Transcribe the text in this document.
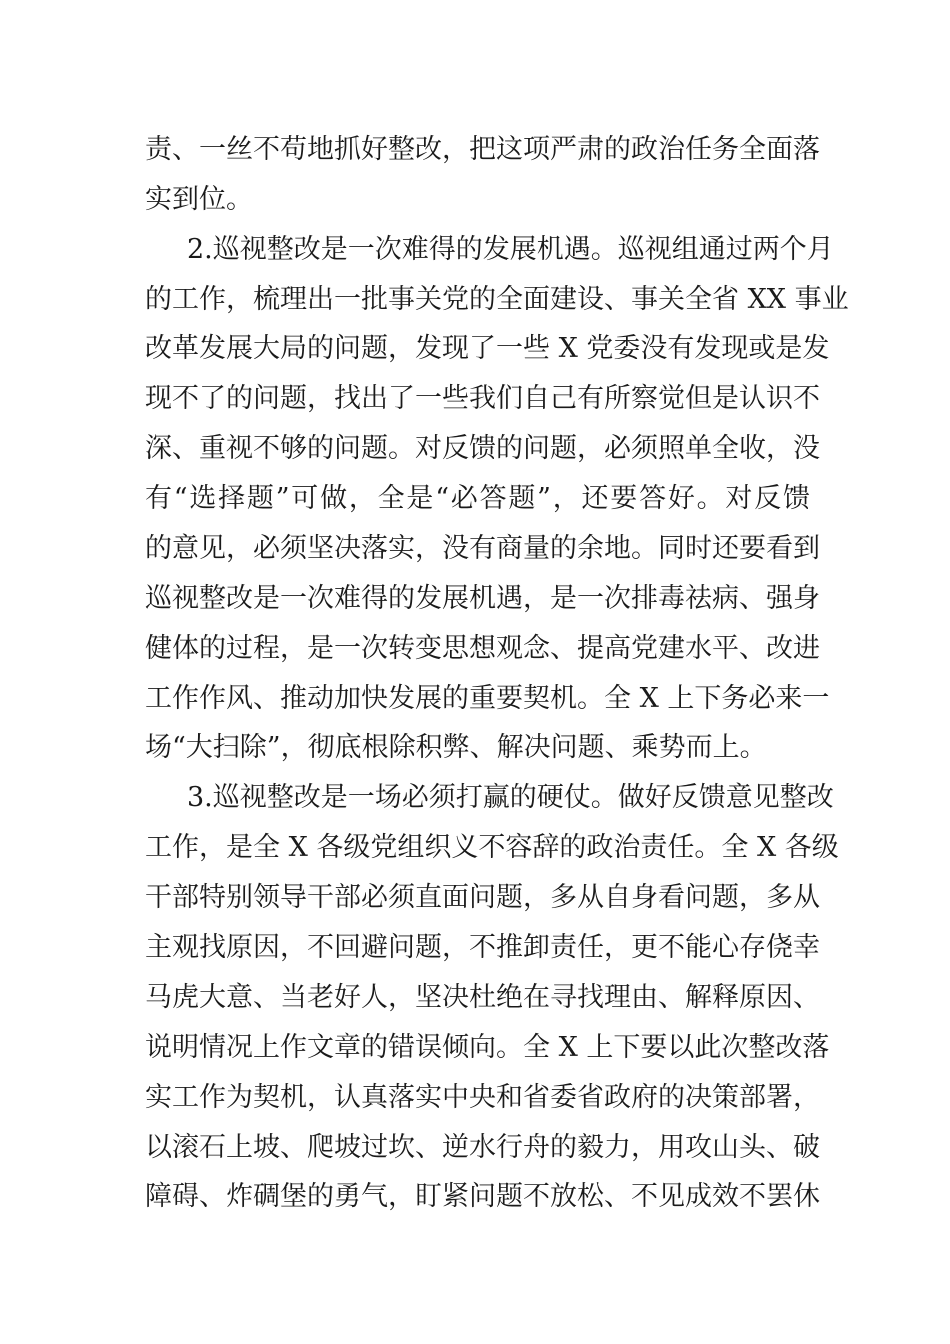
责、一丝不苟地抓好整改，把这项严肃的政治任务全面落
实到位。
2.巡视整改是一次难得的发展机遇。巡视组通过两个月
的工作，梳理出一批事关党的全面建设、事关全省 XX 事业
改革发展大局的问题，发现了一些 X 党委没有发现或是发
现不了的问题，找出了一些我们自己有所察觉但是认识不
深、重视不够的问题。对反馈的问题，必须照单全收，没
有“选择题”可做，全是“必答题”，还要答好。对反馈
的意见，必须坚决落实，没有商量的余地。同时还要看到
巡视整改是一次难得的发展机遇，是一次排毒祛病、强身
健体的过程，是一次转变思想观念、提高党建水平、改进
工作作风、推动加快发展的重要契机。全 X 上下务必来一
场“大扫除”，彻底根除积弊、解决问题、乘势而上。
3.巡视整改是一场必须打赢的硬仗。做好反馈意见整改
工作，是全 X 各级党组织义不容辞的政治责任。全 X 各级
干部特别领导干部必须直面问题，多从自身看问题，多从
主观找原因，不回避问题，不推卸责任，更不能心存侥幸
马虎大意、当老好人，坚决杜绝在寻找理由、解释原因、
说明情况上作文章的错误倾向。全 X 上下要以此次整改落
实工作为契机，认真落实中央和省委省政府的决策部署，
以滚石上坡、爬坡过坎、逆水行舟的毅力，用攻山头、破
障碍、炸碉堡的勇气，盯紧问题不放松、不见成效不罢休
